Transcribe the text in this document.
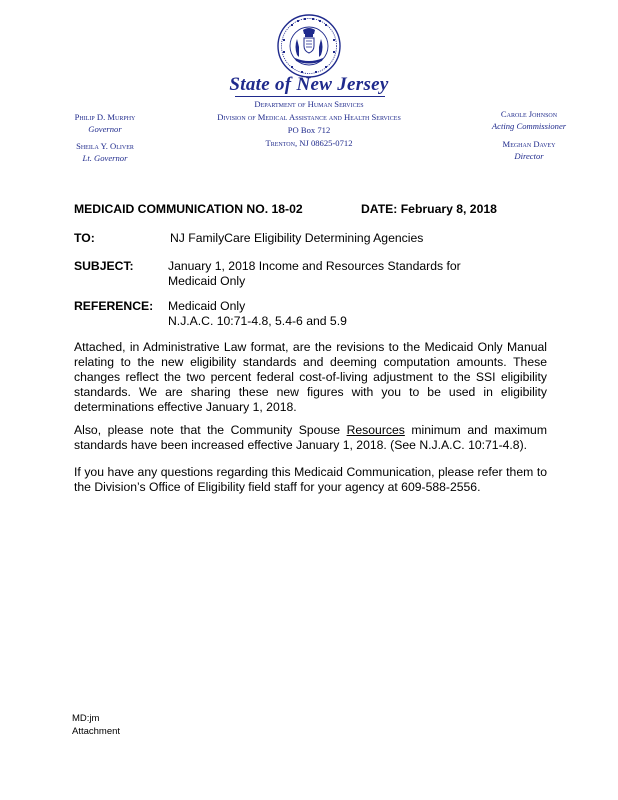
State of New Jersey
Department of Human Services
Division of Medical Assistance and Health Services
PO Box 712
Trenton, NJ 08625-0712
Philip D. Murphy
Governor
Sheila Y. Oliver
Lt. Governor
Carole Johnson
Acting Commissioner
Meghan Davey
Director
MEDICAID COMMUNICATION NO. 18-02	DATE: February 8, 2018
TO:	NJ FamilyCare Eligibility Determining Agencies
SUBJECT:	January 1, 2018 Income and Resources Standards for
Medicaid Only
REFERENCE: Medicaid Only
N.J.A.C. 10:71-4.8, 5.4-6 and 5.9
Attached, in Administrative Law format, are the revisions to the Medicaid Only Manual
relating to the new eligibility standards and deeming computation amounts. These
changes reflect the two percent federal cost-of-living adjustment to the SSI eligibility
standards. We are sharing these new figures with you to be used in eligibility
determinations effective January 1, 2018.
Also, please note that the Community Spouse Resources minimum and maximum
standards have been increased effective January 1, 2018. (See N.J.A.C. 10:71-4.8).
If you have any questions regarding this Medicaid Communication, please refer them to
the Division’s Office of Eligibility field staff for your agency at 609-588-2556.
MD:jm
Attachment
